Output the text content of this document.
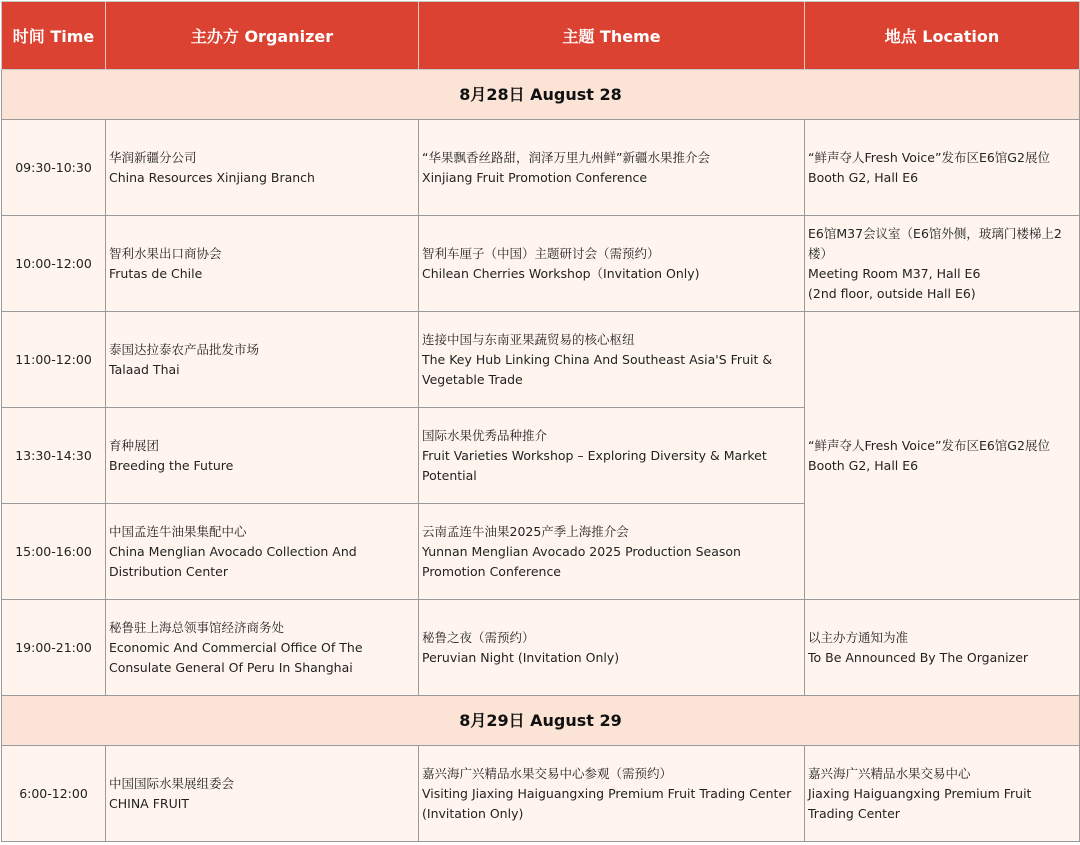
时间 Time	主办方 Organizer	主题 Theme	地点 Location
8月28日 August 28			
09:30-10:30	华润新疆分公司
China Resources Xinjiang Branch	“华果飘香丝路甜，润泽万里九州鲜”新疆水果推介会
Xinjiang Fruit Promotion Conference	“鲜声夺人Fresh Voice”发布区E6馆G2展位
Booth G2, Hall E6

10:00-12:00	智利水果出口商协会
Frutas de Chile	智利车厘子（中国）主题研讨会（需预约）
Chilean Cherries Workshop（Invitation Only)	E6馆M37会议室（E6馆外侧，玻璃门楼梯上2楼）
Meeting Room M37, Hall E6
(2nd floor, outside Hall E6)

11:00-12:00	泰国达拉泰农产品批发市场
Talaad Thai	连接中国与东南亚果蔬贸易的核心枢纽
The Key Hub Linking China And Southeast Asia'S Fruit & Vegetable Trade	“鲜声夺人Fresh Voice”发布区E6馆G2展位
Booth G2, Hall E6

13:30-14:30	育种展团
Breeding the Future	国际水果优秀品种推介
Fruit Varieties Workshop – Exploring Diversity & Market Potential	

15:00-16:00	中国孟连牛油果集配中心
China Menglian Avocado Collection And Distribution Center	云南孟连牛油果2025产季上海推介会
Yunnan Menglian Avocado 2025 Production Season Promotion Conference	

19:00-21:00	秘鲁驻上海总领事馆经济商务处
Economic And Commercial Office Of The Consulate General Of Peru In Shanghai	秘鲁之夜（需预约）
Peruvian Night (Invitation Only)	以主办方通知为准
To Be Announced By The Organizer

8月29日 August 29			
6:00-12:00	中国国际水果展组委会
CHINA FRUIT	嘉兴海广兴精品水果交易中心参观（需预约）
Visiting Jiaxing Haiguangxing Premium Fruit Trading Center (Invitation Only)	嘉兴海广兴精品水果交易中心
Jiaxing Haiguangxing Premium Fruit Trading Center
